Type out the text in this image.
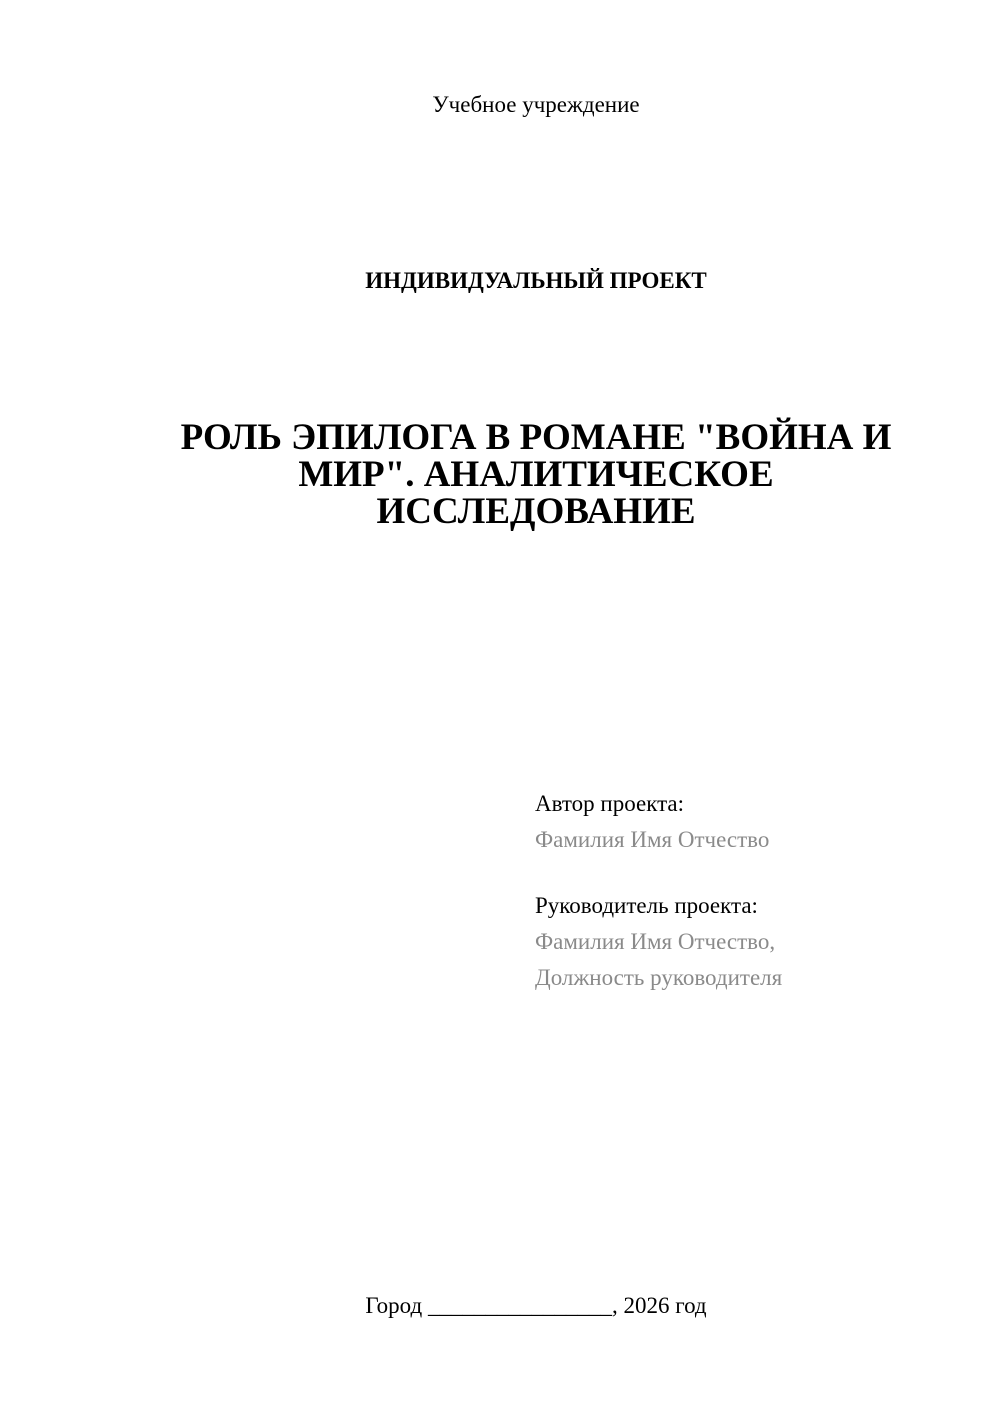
Учебное учреждение
ИНДИВИДУАЛЬНЫЙ ПРОЕКТ
РОЛЬ ЭПИЛОГА В РОМАНЕ "ВОЙНА И
МИР". АНАЛИТИЧЕСКОЕ
ИССЛЕДОВАНИЕ
Автор проекта:
Фамилия Имя Отчество
Руководитель проекта:
Фамилия Имя Отчество,
Должность руководителя
Город ________________, 2026 год
